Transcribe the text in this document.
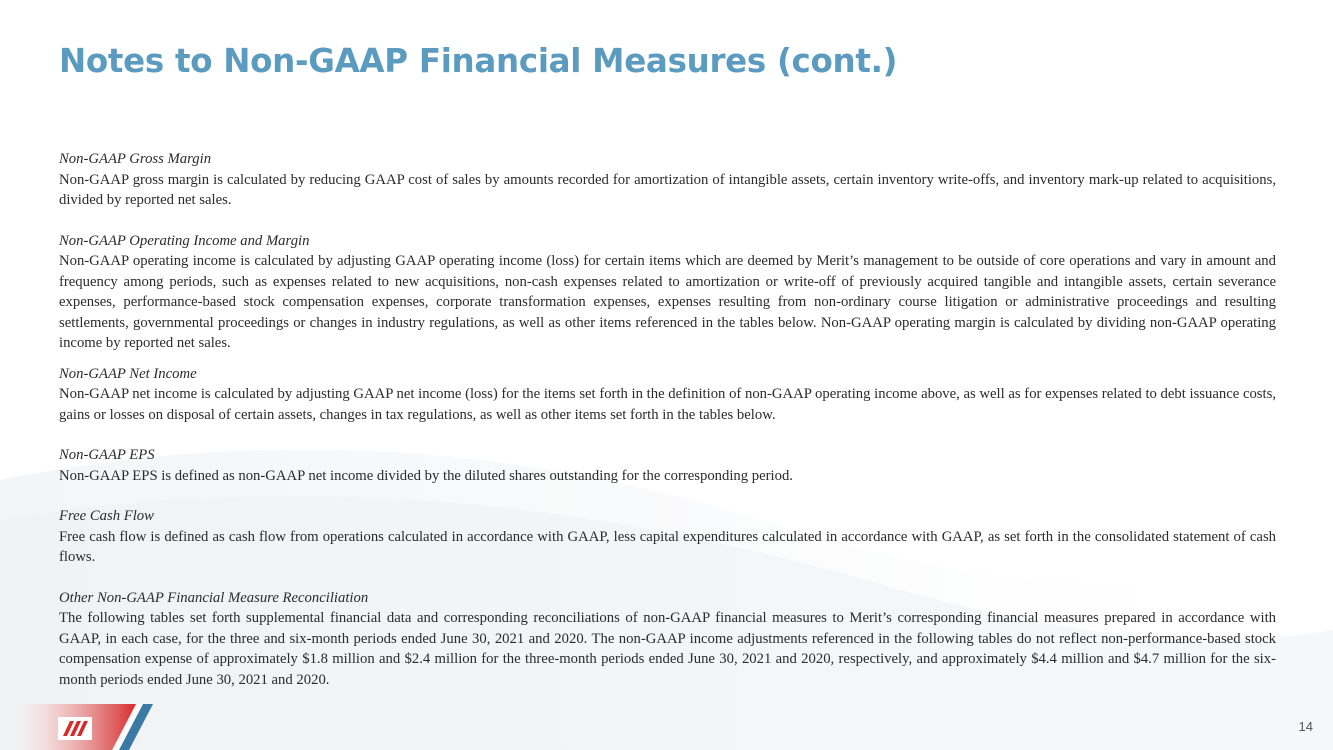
Notes to Non-GAAP Financial Measures (cont.)

Non-GAAP Gross Margin

Non-GAAP gross margin is calculated by reducing GAAP cost of sales by amounts recorded for amortization of intangible assets, certain inventory write-offs, and inventory mark-up related to acquisitions, divided by reported net sales.

Non-GAAP Operating Income and Margin

Non-GAAP operating income is calculated by adjusting GAAP operating income (loss) for certain items which are deemed by Merit’s management to be outside of core operations and vary in amount and frequency among periods, such as expenses related to new acquisitions, non-cash expenses related to amortization or write-off of previously acquired tangible and intangible assets, certain severance expenses, performance-based stock compensation expenses, corporate transformation expenses, expenses resulting from non-ordinary course litigation or administrative proceedings and resulting settlements, governmental proceedings or changes in industry regulations, as well as other items referenced in the tables below. Non-GAAP operating margin is calculated by dividing non-GAAP operating income by reported net sales.

Non-GAAP Net Income

Non-GAAP net income is calculated by adjusting GAAP net income (loss) for the items set forth in the definition of non-GAAP operating income above, as well as for expenses related to debt issuance costs, gains or losses on disposal of certain assets, changes in tax regulations, as well as other items set forth in the tables below.

Non-GAAP EPS

Non-GAAP EPS is defined as non-GAAP net income divided by the diluted shares outstanding for the corresponding period.

Free Cash Flow

Free cash flow is defined as cash flow from operations calculated in accordance with GAAP, less capital expenditures calculated in accordance with GAAP, as set forth in the consolidated statement of cash flows.

Other Non-GAAP Financial Measure Reconciliation

The following tables set forth supplemental financial data and corresponding reconciliations of non-GAAP financial measures to Merit’s corresponding financial measures prepared in accordance with GAAP, in each case, for the three and six-month periods ended June 30, 2021 and 2020. The non-GAAP income adjustments referenced in the following tables do not reflect non-performance-based stock compensation expense of approximately $1.8 million and $2.4 million for the three-month periods ended June 30, 2021 and 2020, respectively, and approximately $4.4 million and $4.7 million for the six-month periods ended June 30, 2021 and 2020.

14
